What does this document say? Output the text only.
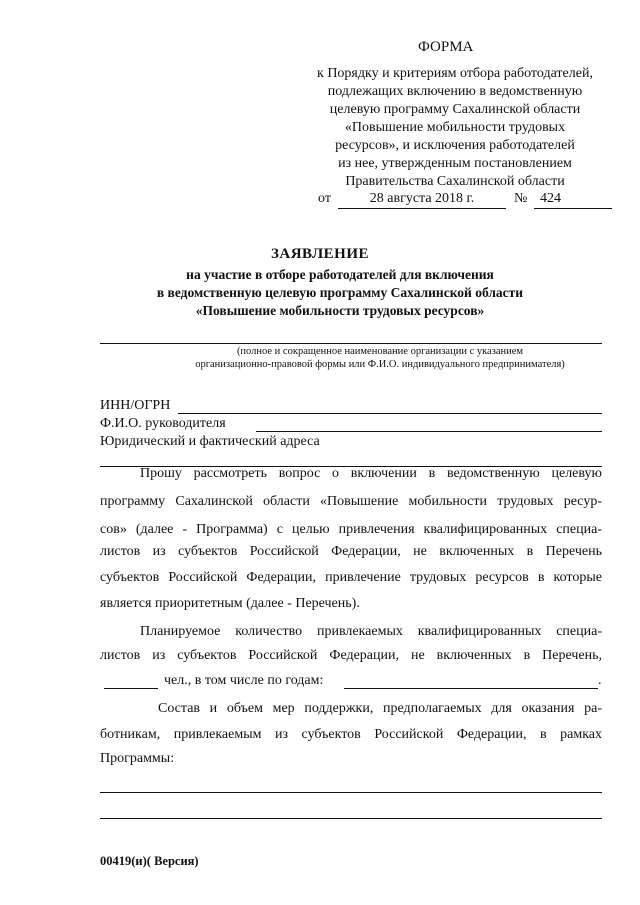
ФОРМА
к Порядку и критериям отбора работодателей,
подлежащих включению в ведомственную
целевую программу Сахалинской области
«Повышение мобильности трудовых
ресурсов», и исключения работодателей
из нее, утвержденным постановлением
Правительства Сахалинской области
от	28 августа 2018 г.	№ 424
ЗАЯВЛЕНИЕ
на участие в отборе работодателей для включения
в ведомственную целевую программу Сахалинской области
«Повышение мобильности трудовых ресурсов»
(полное и сокращенное наименование организации с указанием
организационно-правовой формы или Ф.И.О. индивидуального предпринимателя)
ИНН/ОГРН
Ф.И.О. руководителя
Юридический и фактический адреса
Прошу рассмотреть вопрос о включении в ведомственную целевую
программу Сахалинской области «Повышение мобильности трудовых ресур-
сов» (далее - Программа) с целью привлечения квалифицированных специа-
листов из субъектов Российской Федерации, не включенных в Перечень
субъектов Российской Федерации, привлечение трудовых ресурсов в которые
является приоритетным (далее - Перечень).
Планируемое количество привлекаемых квалифицированных специа-
листов из субъектов Российской Федерации, не включенных в Перечень,
чел., в том числе по годам:	.
Состав и объем мер поддержки, предполагаемых для оказания ра-
ботникам, привлекаемым из субъектов Российской Федерации, в рамках
Программы:
00419(и)( Версия)
